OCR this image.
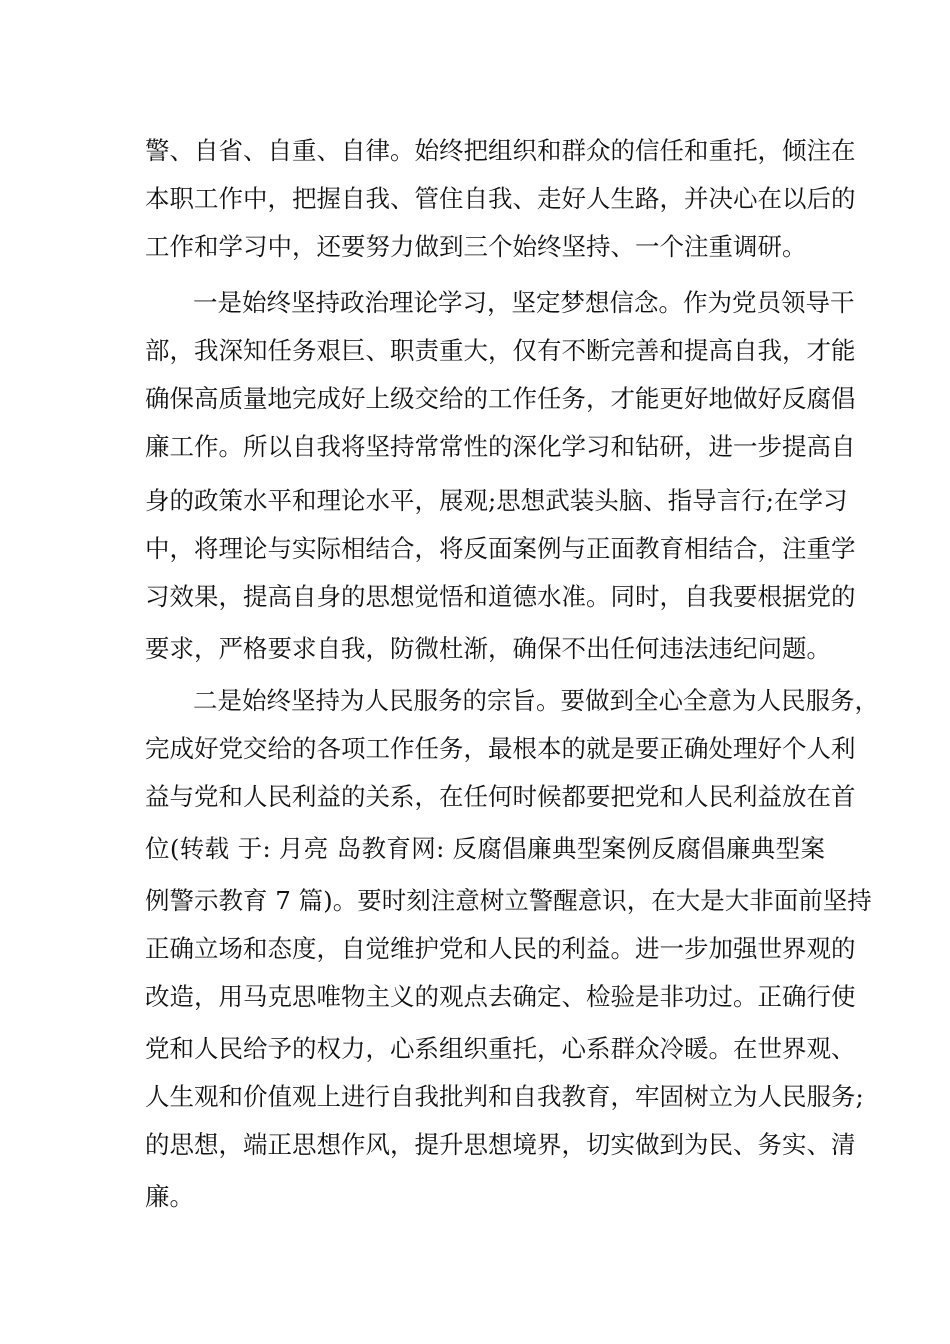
警、自省、自重、自律。始终把组织和群众的信任和重托，倾注在
本职工作中，把握自我、管住自我、走好人生路，并决心在以后的
工作和学习中，还要努力做到三个始终坚持、一个注重调研。
一是始终坚持政治理论学习，坚定梦想信念。作为党员领导干
部，我深知任务艰巨、职责重大，仅有不断完善和提高自我，才能
确保高质量地完成好上级交给的工作任务，才能更好地做好反腐倡
廉工作。所以自我将坚持常常性的深化学习和钻研，进一步提高自
身的政策水平和理论水平，展观;思想武装头脑、指导言行;在学习
中，将理论与实际相结合，将反面案例与正面教育相结合，注重学
习效果，提高自身的思想觉悟和道德水准。同时，自我要根据党的
要求，严格要求自我，防微杜渐，确保不出任何违法违纪问题。
二是始终坚持为人民服务的宗旨。要做到全心全意为人民服务，
完成好党交给的各项工作任务，最根本的就是要正确处理好个人利
益与党和人民利益的关系，在任何时候都要把党和人民利益放在首
位(转载 于: 月亮 岛教育网: 反腐倡廉典型案例反腐倡廉典型案
例警示教育 7 篇)。要时刻注意树立警醒意识，在大是大非面前坚持
正确立场和态度，自觉维护党和人民的利益。进一步加强世界观的
改造，用马克思唯物主义的观点去确定、检验是非功过。正确行使
党和人民给予的权力，心系组织重托，心系群众冷暖。在世界观、
人生观和价值观上进行自我批判和自我教育，牢固树立为人民服务;
的思想，端正思想作风，提升思想境界，切实做到为民、务实、清
廉。
